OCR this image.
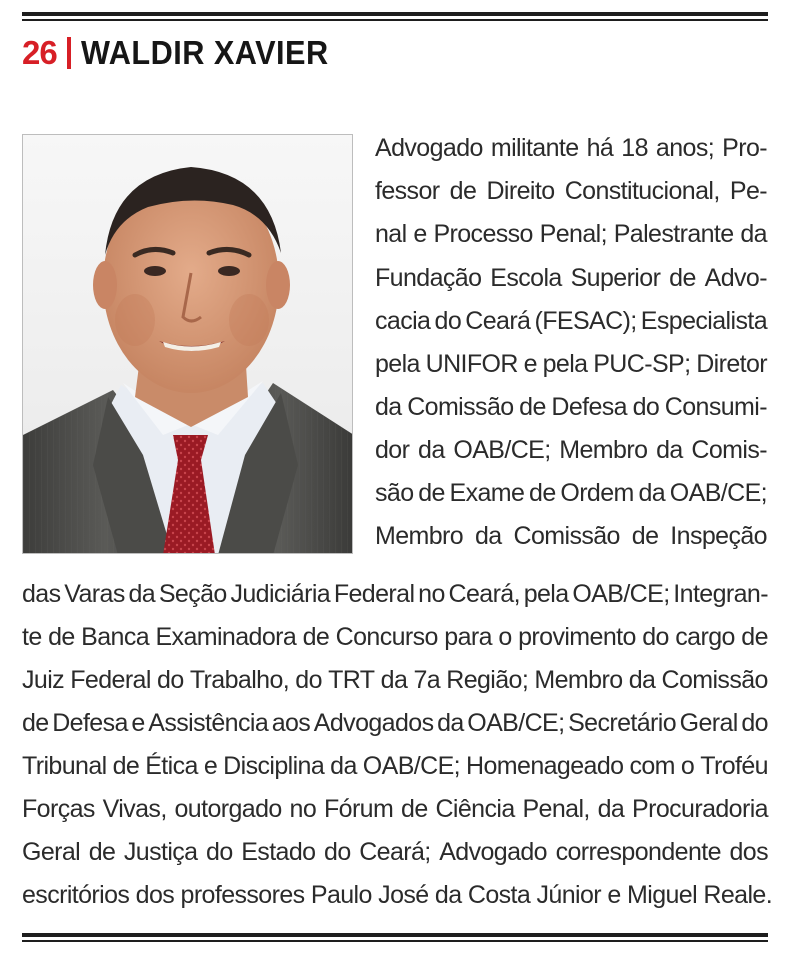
26 WALDIR XAVIER
Advogado militante há 18 anos; Pro-
fessor de Direito Constitucional, Pe-
nal e Processo Penal; Palestrante da
Fundação Escola Superior de Advo-
cacia do Ceará (FESAC); Especialista
pela UNIFOR e pela PUC-SP; Diretor
da Comissão de Defesa do Consumi-
dor da OAB/CE; Membro da Comis-
são de Exame de Ordem da OAB/CE;
Membro da Comissão de Inspeção
das Varas da Seção Judiciária Federal no Ceará, pela OAB/CE; Integran-
te de Banca Examinadora de Concurso para o provimento do cargo de
Juiz Federal do Trabalho, do TRT da 7a Região; Membro da Comissão
de Defesa e Assistência aos Advogados da OAB/CE; Secretário Geral do
Tribunal de Ética e Disciplina da OAB/CE; Homenageado com o Troféu
Forças Vivas, outorgado no Fórum de Ciência Penal, da Procuradoria
Geral de Justiça do Estado do Ceará; Advogado correspondente dos
escritórios dos professores Paulo José da Costa Júnior e Miguel Reale.
